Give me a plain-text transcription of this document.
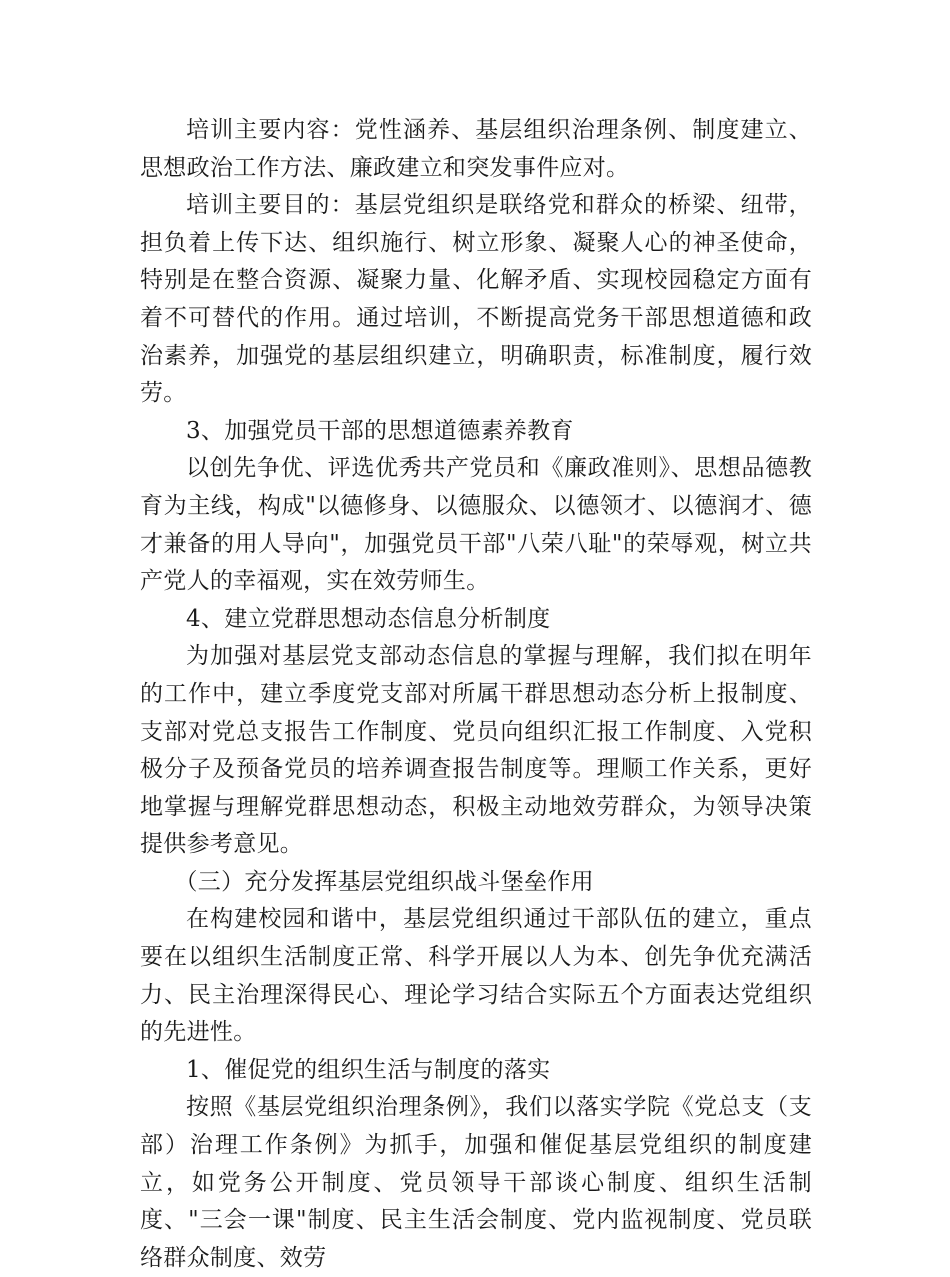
培训主要内容：党性涵养、基层组织治理条例、制度建立、思想政治工作方法、廉政建立和突发事件应对。

培训主要目的：基层党组织是联络党和群众的桥梁、纽带，担负着上传下达、组织施行、树立形象、凝聚人心的神圣使命，特别是在整合资源、凝聚力量、化解矛盾、实现校园稳定方面有着不可替代的作用。通过培训，不断提高党务干部思想道德和政治素养，加强党的基层组织建立，明确职责，标准制度，履行效劳。

3、加强党员干部的思想道德素养教育

以创先争优、评选优秀共产党员和《廉政准则》、思想品德教育为主线，构成"以德修身、以德服众、以德领才、以德润才、德才兼备的用人导向"，加强党员干部"八荣八耻"的荣辱观，树立共产党人的幸福观，实在效劳师生。

4、建立党群思想动态信息分析制度

为加强对基层党支部动态信息的掌握与理解，我们拟在明年的工作中，建立季度党支部对所属干群思想动态分析上报制度、支部对党总支报告工作制度、党员向组织汇报工作制度、入党积极分子及预备党员的培养调查报告制度等。理顺工作关系，更好地掌握与理解党群思想动态，积极主动地效劳群众，为领导决策提供参考意见。

（三）充分发挥基层党组织战斗堡垒作用

在构建校园和谐中，基层党组织通过干部队伍的建立，重点要在以组织生活制度正常、科学开展以人为本、创先争优充满活力、民主治理深得民心、理论学习结合实际五个方面表达党组织的先进性。

1、催促党的组织生活与制度的落实

按照《基层党组织治理条例》，我们以落实学院《党总支（支部）治理工作条例》为抓手，加强和催促基层党组织的制度建立，如党务公开制度、党员领导干部谈心制度、组织生活制度、"三会一课"制度、民主生活会制度、党内监视制度、党员联络群众制度、效劳
